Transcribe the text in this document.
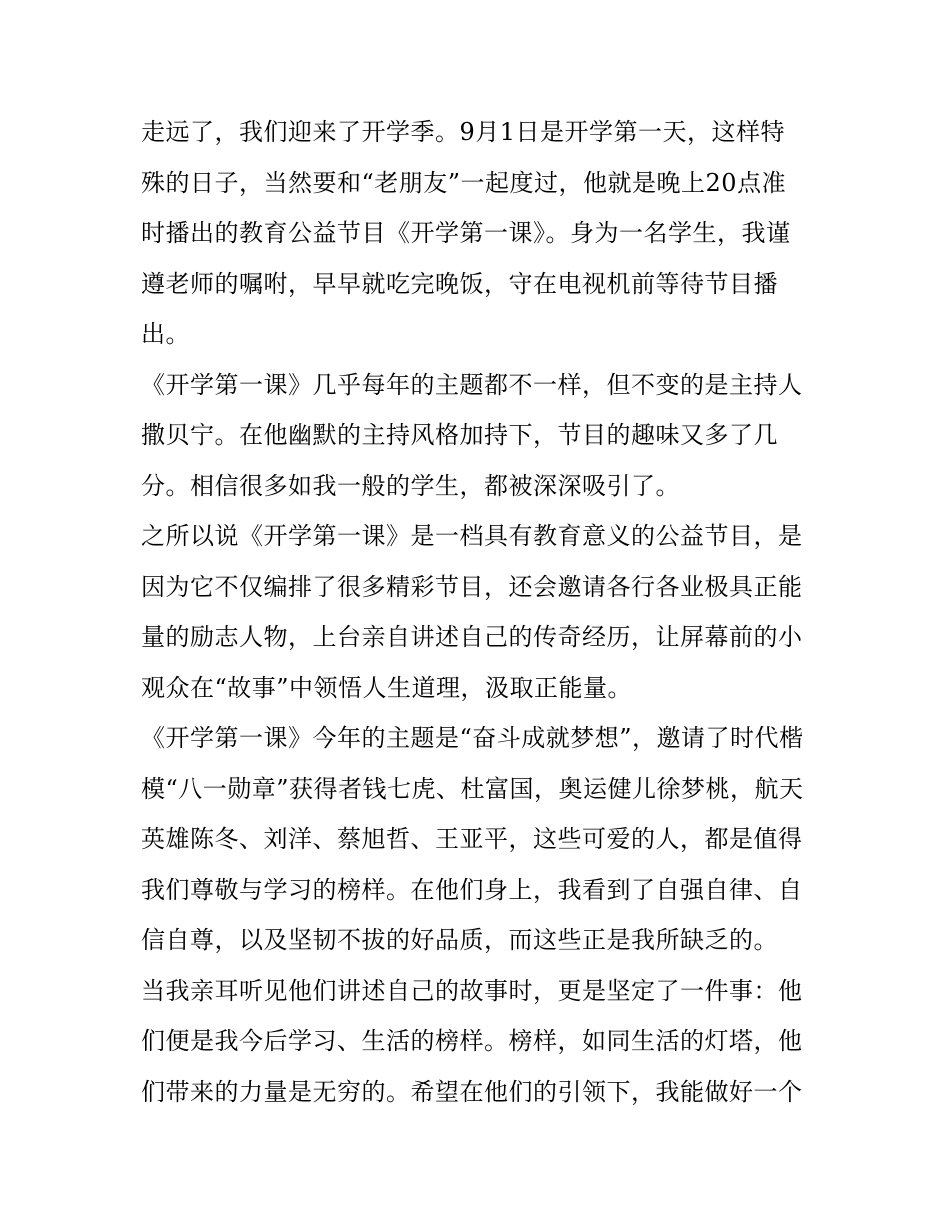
走远了，我们迎来了开学季。9月1日是开学第一天，这样特
殊的日子，当然要和“老朋友”一起度过，他就是晚上20点准
时播出的教育公益节目《开学第一课》。身为一名学生，我谨
遵老师的嘱咐，早早就吃完晚饭，守在电视机前等待节目播
出。
《开学第一课》几乎每年的主题都不一样，但不变的是主持人
撒贝宁。在他幽默的主持风格加持下，节目的趣味又多了几
分。相信很多如我一般的学生，都被深深吸引了。
之所以说《开学第一课》是一档具有教育意义的公益节目，是
因为它不仅编排了很多精彩节目，还会邀请各行各业极具正能
量的励志人物，上台亲自讲述自己的传奇经历，让屏幕前的小
观众在“故事”中领悟人生道理，汲取正能量。
《开学第一课》今年的主题是“奋斗成就梦想”，邀请了时代楷
模“八一勋章”获得者钱七虎、杜富国，奥运健儿徐梦桃，航天
英雄陈冬、刘洋、蔡旭哲、王亚平，这些可爱的人，都是值得
我们尊敬与学习的榜样。在他们身上，我看到了自强自律、自
信自尊，以及坚韧不拔的好品质，而这些正是我所缺乏的。
当我亲耳听见他们讲述自己的故事时，更是坚定了一件事：他
们便是我今后学习、生活的榜样。榜样，如同生活的灯塔，他
们带来的力量是无穷的。希望在他们的引领下，我能做好一个
